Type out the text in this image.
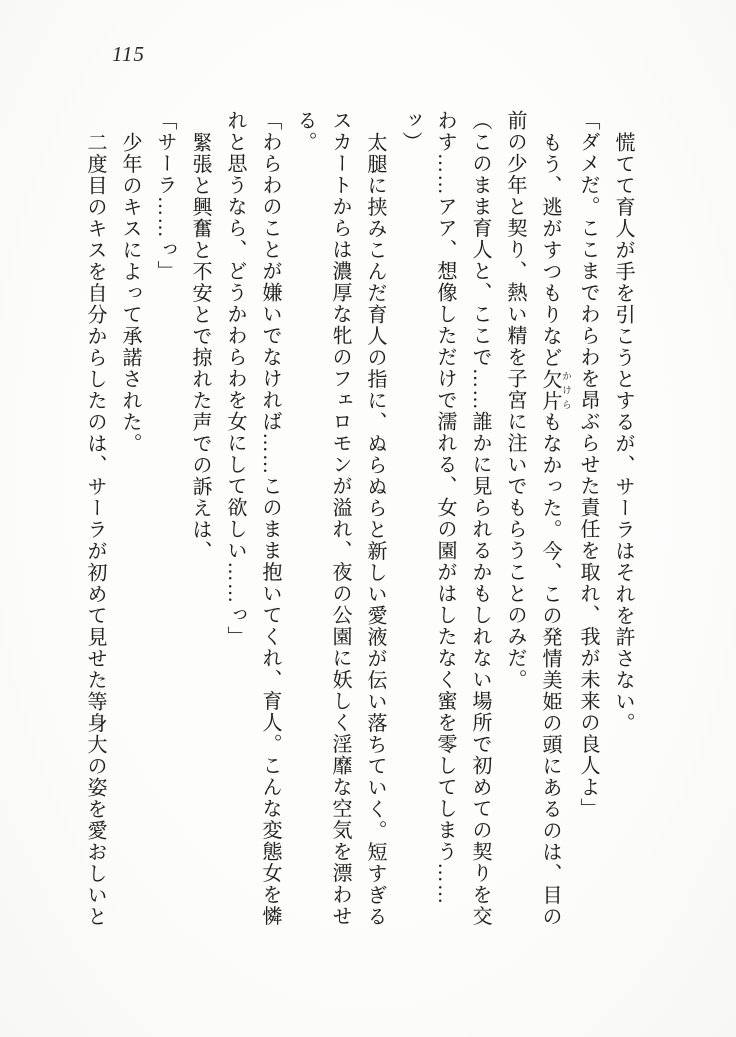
115

慌てて育人が手を引こうとするが、サーラはそれを許さない。

「ダメだ。ここまでわらわを昂ぶらせた責任を取れ、我が未来の良人よ」

もう、逃がすつもりなど欠片 かけらもなかった。今、この発情美姫の頭にあるのは、目の

前の少年と契り、熱い精を子宮に注いでもらうことのみだ。

（このまま育人と、ここで……誰かに見られるかもしれない場所で初めての契りを交

わす……アア、想像しただけで濡れる、女の園がはしたなく蜜を零してしまう……

ッ）

太腿に挟みこんだ育人の指に、ぬらぬらと新しい愛液が伝い落ちていく。短すぎる

スカートからは濃厚な牝のフェロモンが溢れ、夜の公園に妖しく淫靡な空気を漂わせ

る。

「わらわのことが嫌いでなければ……このまま抱いてくれ、育人。こんな変態女を憐

れと思うなら、どうかわらわを女にして欲しい……っ」

緊張と興奮と不安とで掠れた声での訴えは、

「サーラ……っ」

少年のキスによって承諾された。

二度目のキスを自分からしたのは、サーラが初めて見せた等身大の姿を愛おしいと
